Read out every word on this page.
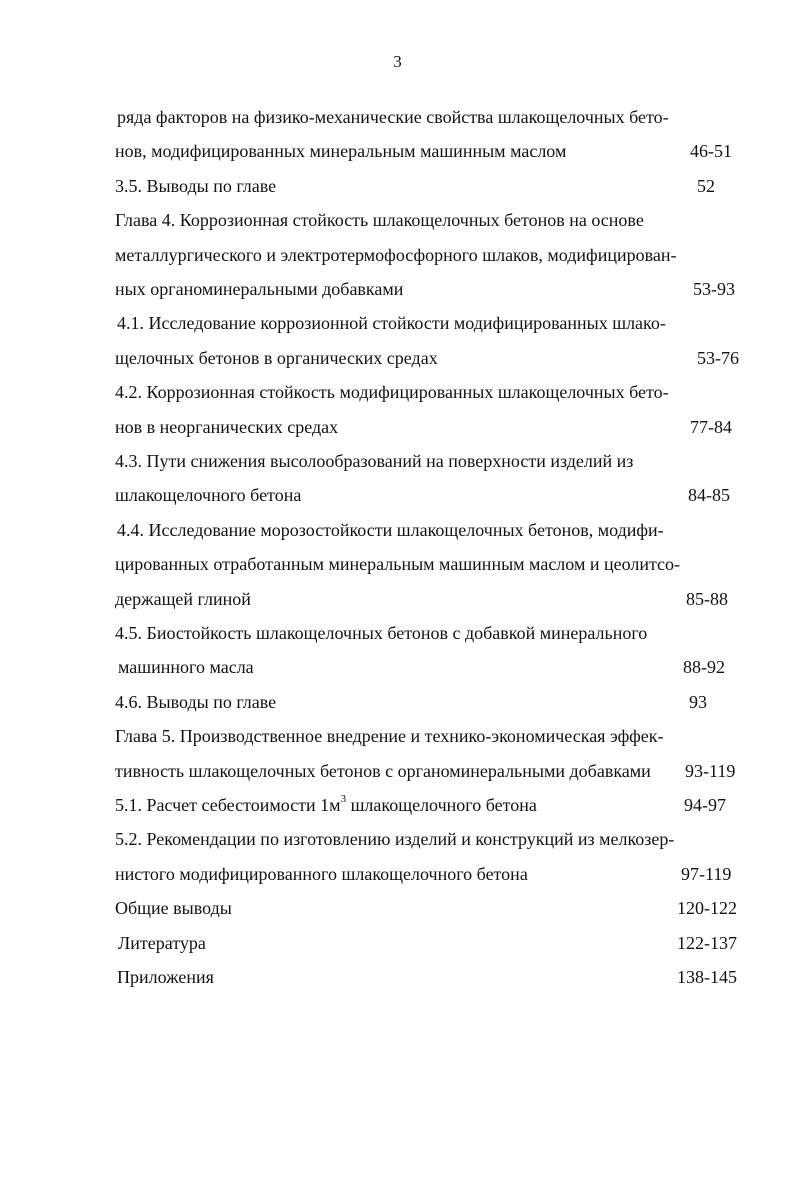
3
ряда факторов на физико-механические свойства шлакощелочных бето-
нов, модифицированных минеральным машинным маслом	46-51
3.5. Выводы по главе	52
Глава 4. Коррозионная стойкость шлакощелочных бетонов на основе
металлургического и электротермофосфорного шлаков, модифицирован-
ных органоминеральными добавками	53-93
4.1. Исследование коррозионной стойкости модифицированных шлако-
щелочных бетонов в органических средах	53-76
4.2. Коррозионная стойкость модифицированных шлакощелочных бето-
нов в неорганических средах	77-84
4.3. Пути снижения высолообразований на поверхности изделий из
шлакощелочного бетона	84-85
4.4. Исследование морозостойкости шлакощелочных бетонов, модифи-
цированных отработанным минеральным машинным маслом и цеолитсо-
держащей глиной	85-88
4.5. Биостойкость шлакощелочных бетонов с добавкой минерального
машинного масла	88-92
4.6. Выводы по главе	93
Глава 5. Производственное внедрение и технико-экономическая эффек-
тивность шлакощелочных бетонов с органоминеральными добавками 93-119
5.1. Расчет себестоимости $1м^3$ шлакощелочного бетона	94-97
5.2. Рекомендации по изготовлению изделий и конструкций из мелкозер-
нистого модифицированного шлакощелочного бетона	97-119
Общие выводы	120-122
Литература	122-137
Приложения	138-145
